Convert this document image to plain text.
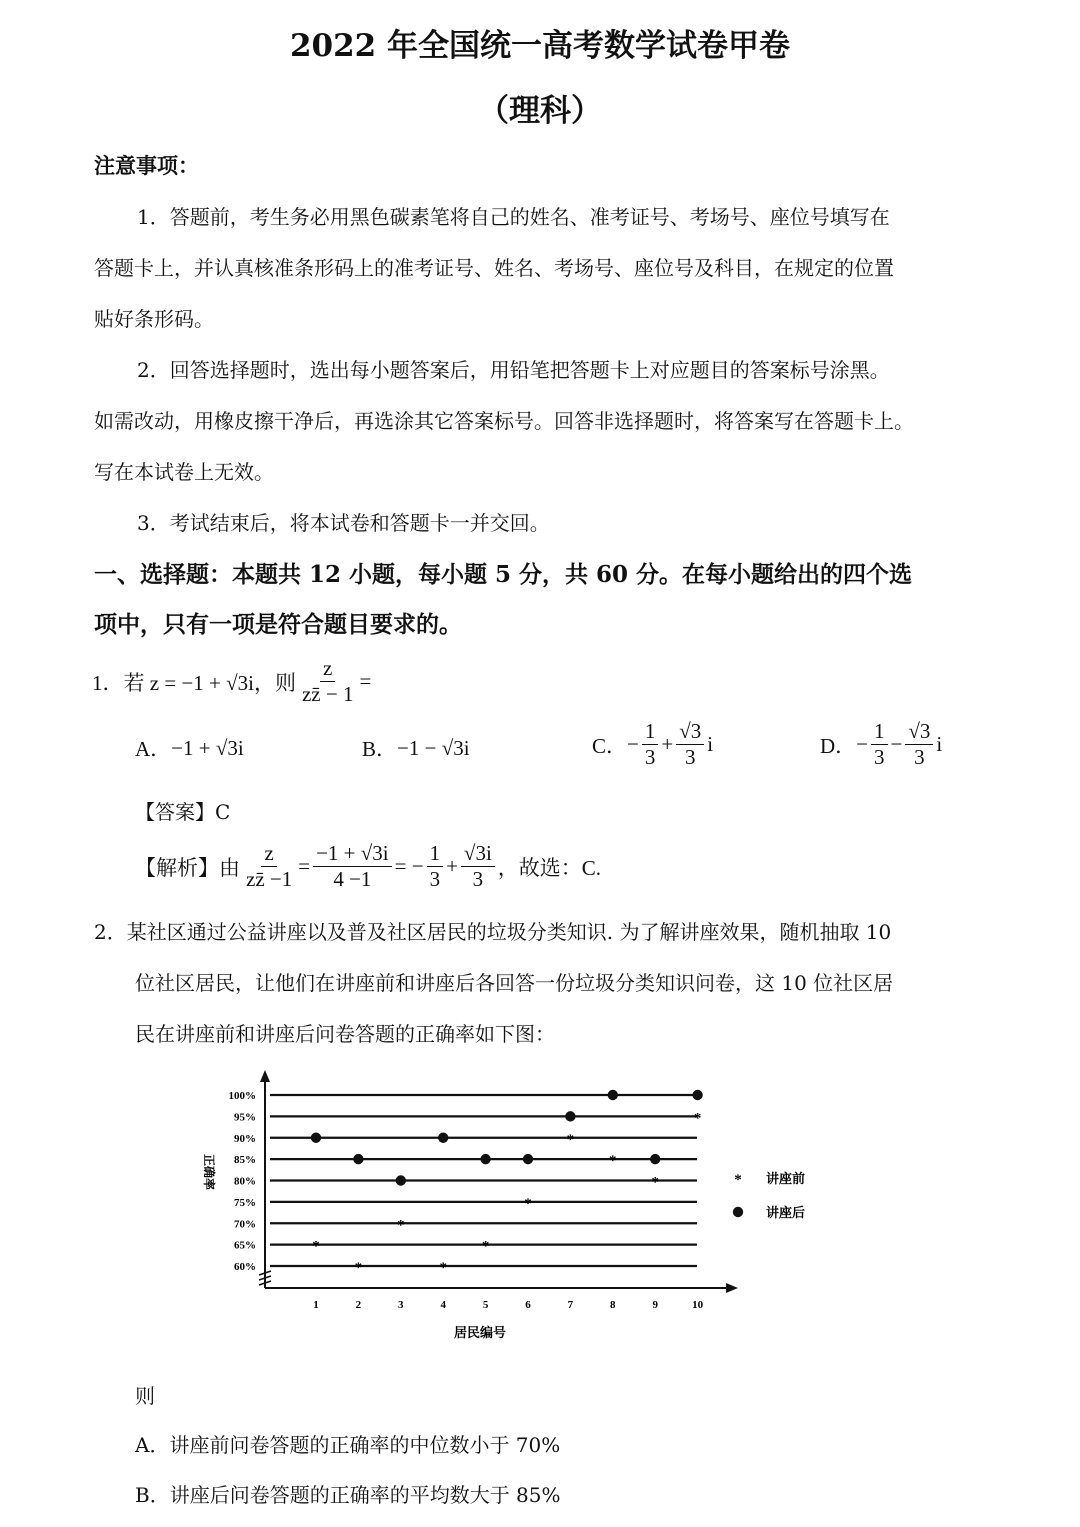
2022 年全国统一高考数学试卷甲卷
（理科）
注意事项：
1．答题前，考生务必用黑色碳素笔将自己的姓名、准考证号、考场号、座位号填写在
答题卡上，并认真核准条形码上的准考证号、姓名、考场号、座位号及科目，在规定的位置
贴好条形码。
2．回答选择题时，选出每小题答案后，用铅笔把答题卡上对应题目的答案标号涂黑。
如需改动，用橡皮擦干净后，再选涂其它答案标号。回答非选择题时，将答案写在答题卡上。
写在本试卷上无效。
3．考试结束后，将本试卷和答题卡一并交回。
一、选择题：本题共 12 小题，每小题 5 分，共 60 分。在每小题给出的四个选
项中，只有一项是符合题目要求的。
1．若 z = −1 + √3i，则 $\frac{z}{zz̄ - 1}$ =
A． −1 + √3i	B． −1 − √3i	C． − $\frac{1}{3} + \frac{√3}{3}$ i	D． − $\frac{1}{3} - \frac{√3}{3}$ i
【答案】C
【解析】由 $\frac{z}{zz̄ -1} = \frac{-1 + √3i}{4 -1}$ = − $\frac{1}{3} + \frac{√3i}{3}$ ，故选：C.
2．某社区通过公益讲座以及普及社区居民的垃圾分类知识. 为了解讲座效果，随机抽取 10
位社区居民，让他们在讲座前和讲座后各回答一份垃圾分类知识问卷，这 10 位社区居
民在讲座前和讲座后问卷答题的正确率如下图：
60%
65%
70%
75%
80%
85%
90%
95%
100%
1	2	3	4	5	6	7	8	9	10
*
*
*
*
*
*
*
*
*
*
* 讲座前
讲座后
正确率
居民编号
则
A．讲座前问卷答题的正确率的中位数小于 70%
B．讲座后问卷答题的正确率的平均数大于 85%
